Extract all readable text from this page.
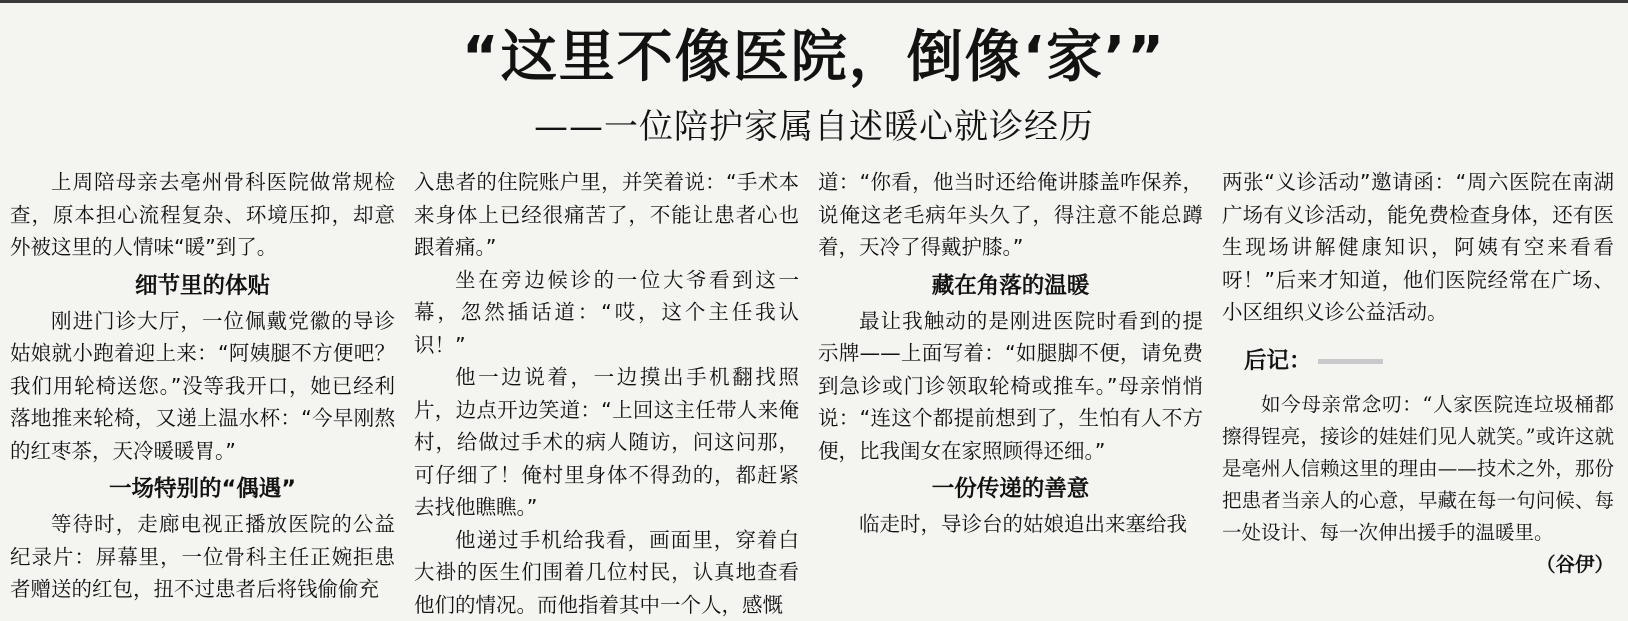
“这里不像医院，倒像‘家’”
——一位陪护家属自述暖心就诊经历

上周陪母亲去亳州骨科医院做常规检查，原本担心流程复杂、环境压抑，却意外被这里的人情味“暖”到了。

细节里的体贴

刚进门诊大厅，一位佩戴党徽的导诊姑娘就小跑着迎上来：“阿姨腿不方便吧？我们用轮椅送您。”没等我开口，她已经利落地推来轮椅，又递上温水杯：“今早刚熬的红枣茶，天冷暖暖胃。”

一场特别的“偶遇”

等待时，走廊电视正播放医院的公益纪录片：屏幕里，一位骨科主任正婉拒患者赠送的红包，扭不过患者后将钱偷偷充

入患者的住院账户里，并笑着说：“手术本来身体上已经很痛苦了，不能让患者心也跟着痛。”

坐在旁边候诊的一位大爷看到这一幕，忽然插话道：“哎，这个主任我认识！”

他一边说着，一边摸出手机翻找照片，边点开边笑道：“上回这主任带人来俺村，给做过手术的病人随访，问这问那，可仔细了！俺村里身体不得劲的，都赶紧去找他瞧瞧。”

他递过手机给我看，画面里，穿着白大褂的医生们围着几位村民，认真地查看他们的情况。而他指着其中一个人，感慨

道：“你看，他当时还给俺讲膝盖咋保养，说俺这老毛病年头久了，得注意不能总蹲着，天冷了得戴护膝。”

藏在角落的温暖

最让我触动的是刚进医院时看到的提示牌——上面写着：“如腿脚不便，请免费到急诊或门诊领取轮椅或推车。”母亲悄悄说：“连这个都提前想到了，生怕有人不方便，比我闺女在家照顾得还细。”

一份传递的善意

临走时，导诊台的姑娘追出来塞给我

两张“义诊活动”邀请函：“周六医院在南湖广场有义诊活动，能免费检查身体，还有医生现场讲解健康知识，阿姨有空来看看呀！”后来才知道，他们医院经常在广场、小区组织义诊公益活动。

后记：

如今母亲常念叨：“人家医院连垃圾桶都擦得锃亮，接诊的娃娃们见人就笑。”或许这就是亳州人信赖这里的理由——技术之外，那份把患者当亲人的心意，早藏在每一句问候、每一处设计、每一次伸出援手的温暖里。
（谷伊）
